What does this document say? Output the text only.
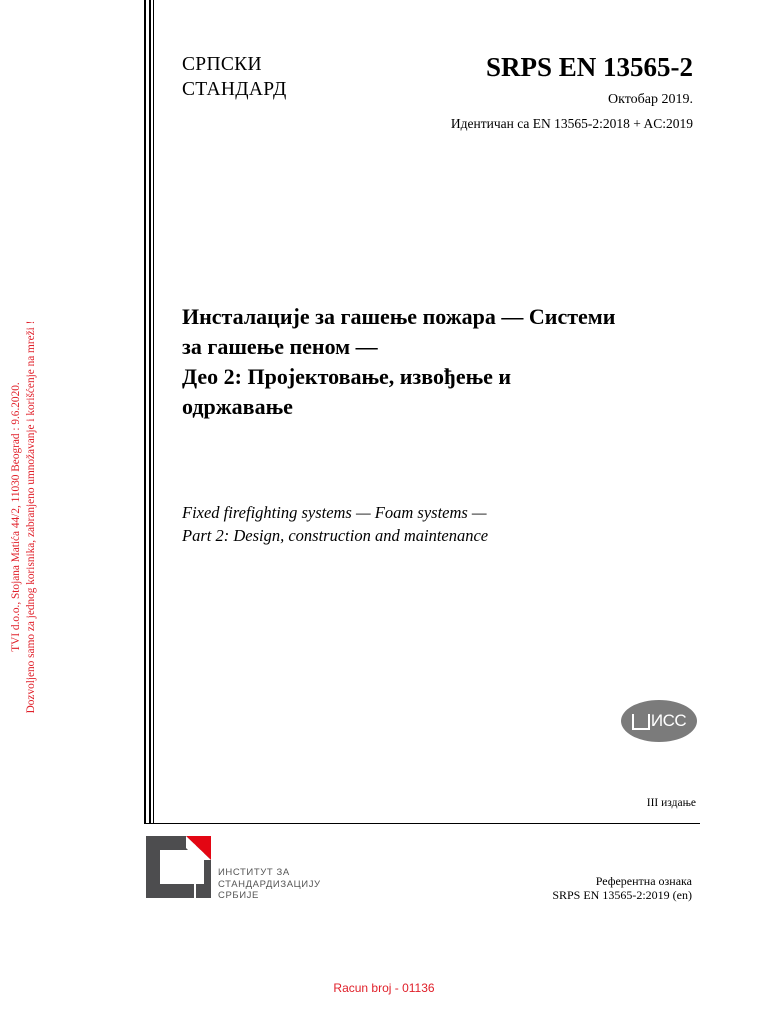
TVI d.o.o., Stojana Matića 44/2, 11030 Beograd : 9.6.2020. Dozvoljeno samo za jednog korisnika, zabranjeno umnožavanje i korišćenje na mreži !
СРПСКИ
СТАНДАРД
SRPS EN 13565-2
Октобар 2019.
Идентичан са EN 13565-2:2018 + AC:2019
Инсталације за гашење пожара — Системи
за гашење пеном —
Део 2: Пројектовање, извођење и
одржавање
Fixed firefighting systems — Foam systems —
Part 2: Design, construction and maintenance
ИСС
III издање
ИНСТИТУТ ЗА
СТАНДАРДИЗАЦИЈУ
СРБИЈЕ
Референтна ознака
SRPS EN 13565-2:2019 (en)
Racun broj - 01136
